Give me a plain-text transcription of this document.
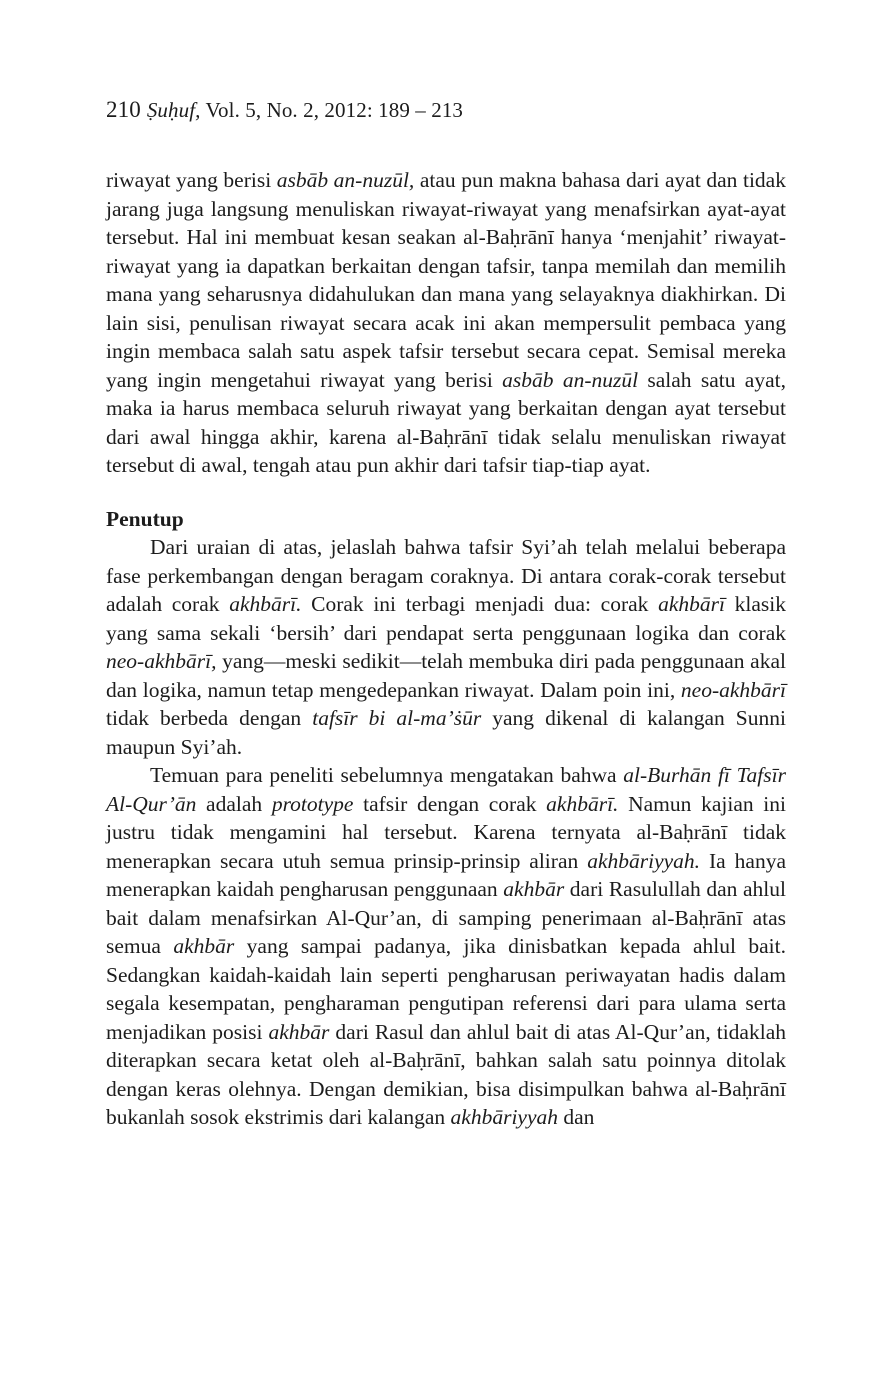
210 Ṣuḥuf, Vol. 5, No. 2, 2012: 189 – 213

riwayat yang berisi asbāb an-nuzūl, atau pun makna bahasa dari ayat dan tidak jarang juga langsung menuliskan riwayat-riwayat yang menafsirkan ayat-ayat tersebut. Hal ini membuat kesan seakan al-Baḥrānī hanya ‘menjahit’ riwayat-riwayat yang ia dapatkan berkaitan dengan tafsir, tanpa memilah dan memilih mana yang seharusnya didahulukan dan mana yang selayaknya diakhirkan. Di lain sisi, penulisan riwayat secara acak ini akan mempersulit pembaca yang ingin membaca salah satu aspek tafsir tersebut secara cepat. Semisal mereka yang ingin mengetahui riwayat yang berisi asbāb an-nuzūl salah satu ayat, maka ia harus membaca seluruh riwayat yang berkaitan dengan ayat tersebut dari awal hingga akhir, karena al-Baḥrānī tidak selalu menuliskan riwayat tersebut di awal, tengah atau pun akhir dari tafsir tiap-tiap ayat.

Penutup

Dari uraian di atas, jelaslah bahwa tafsir Syi’ah telah melalui beberapa fase perkembangan dengan beragam coraknya. Di antara corak-corak tersebut adalah corak akhbārī. Corak ini terbagi menjadi dua: corak akhbārī klasik yang sama sekali ‘bersih’ dari pendapat serta penggunaan logika dan corak neo-akhbārī, yang—meski sedikit—telah membuka diri pada penggunaan akal dan logika, namun tetap mengedepankan riwayat. Dalam poin ini, neo-akhbārī tidak berbeda dengan tafsīr bi al-ma’ṡūr yang dikenal di kalangan Sunni maupun Syi’ah.

Temuan para peneliti sebelumnya mengatakan bahwa al-Burhān fī Tafsīr Al-Qur’ān adalah prototype tafsir dengan corak akhbārī. Namun kajian ini justru tidak mengamini hal tersebut. Karena ternyata al-Baḥrānī tidak menerapkan secara utuh semua prinsip-prinsip aliran akhbāriyyah. Ia hanya menerapkan kaidah pengharusan penggunaan akhbār dari Rasulullah dan ahlul bait dalam menafsirkan Al-Qur’an, di samping penerimaan al-Baḥrānī atas semua akhbār yang sampai padanya, jika dinisbatkan kepada ahlul bait. Sedangkan kaidah-kaidah lain seperti pengharusan periwayatan hadis dalam segala kesempatan, pengharaman pengutipan referensi dari para ulama serta menjadikan posisi akhbār dari Rasul dan ahlul bait di atas Al-Qur’an, tidaklah diterapkan secara ketat oleh al-Baḥrānī, bahkan salah satu poinnya ditolak dengan keras olehnya. Dengan demikian, bisa disimpulkan bahwa al-Baḥrānī bukanlah sosok ekstrimis dari kalangan akhbāriyyah dan
